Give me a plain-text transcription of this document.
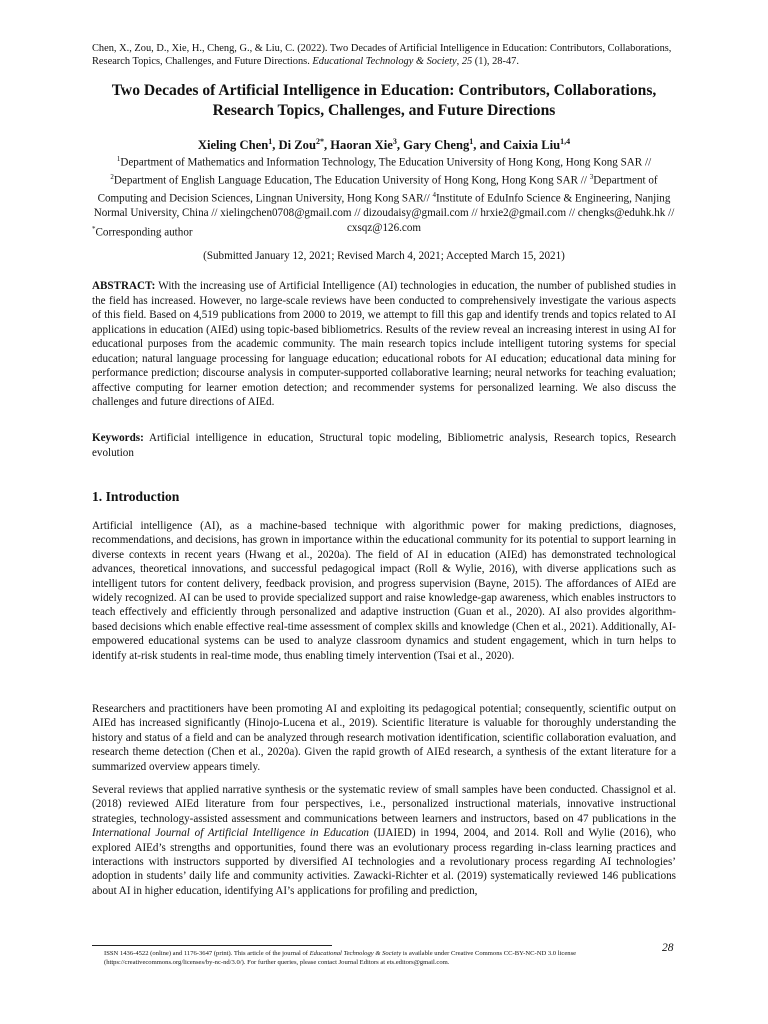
Chen, X., Zou, D., Xie, H., Cheng, G., & Liu, C. (2022). Two Decades of Artificial Intelligence in Education: Contributors, Collaborations, Research Topics, Challenges, and Future Directions. Educational Technology & Society, 25 (1), 28-47.
Two Decades of Artificial Intelligence in Education: Contributors, Collaborations, Research Topics, Challenges, and Future Directions
Xieling Chen$^1$, Di Zou$^{2*}$, Haoran Xie$^3$, Gary Cheng$^1$, and Caixia Liu$^{1,4}$
$^1$Department of Mathematics and Information Technology, The Education University of Hong Kong, Hong Kong SAR // $^2$Department of English Language Education, The Education University of Hong Kong, Hong Kong SAR // $^3$Department of Computing and Decision Sciences, Lingnan University, Hong Kong SAR// $^4$Institute of EduInfo Science & Engineering, Nanjing Normal University, China // xielingchen0708@gmail.com // dizoudaisy@gmail.com // hrxie2@gmail.com // chengks@eduhk.hk // cxsqz@126.com
*Corresponding author
(Submitted January 12, 2021; Revised March 4, 2021; Accepted March 15, 2021)
ABSTRACT: With the increasing use of Artificial Intelligence (AI) technologies in education, the number of published studies in the field has increased. However, no large-scale reviews have been conducted to comprehensively investigate the various aspects of this field. Based on 4,519 publications from 2000 to 2019, we attempt to fill this gap and identify trends and topics related to AI applications in education (AIEd) using topic-based bibliometrics. Results of the review reveal an increasing interest in using AI for educational purposes from the academic community. The main research topics include intelligent tutoring systems for special education; natural language processing for language education; educational robots for AI education; educational data mining for performance prediction; discourse analysis in computer-supported collaborative learning; neural networks for teaching evaluation; affective computing for learner emotion detection; and recommender systems for personalized learning. We also discuss the challenges and future directions of AIEd.
Keywords: Artificial intelligence in education, Structural topic modeling, Bibliometric analysis, Research topics, Research evolution
1. Introduction

Artificial intelligence (AI), as a machine-based technique with algorithmic power for making predictions, diagnoses, recommendations, and decisions, has grown in importance within the educational community for its potential to support learning in diverse contexts in recent years (Hwang et al., 2020a). The field of AI in education (AIEd) has demonstrated technological advances, theoretical innovations, and successful pedagogical impact (Roll & Wylie, 2016), with diverse applications such as intelligent tutors for content delivery, feedback provision, and progress supervision (Bayne, 2015). The affordances of AIEd are widely recognized. AI can be used to provide specialized support and raise knowledge-gap awareness, which enables instructors to teach effectively and efficiently through personalized and adaptive instruction (Guan et al., 2020). AI also provides algorithm-based decisions which enable effective real-time assessment of complex skills and knowledge (Chen et al., 2021). Additionally, AI-empowered educational systems can be used to analyze classroom dynamics and student engagement, which in turn helps to identify at-risk students in real-time mode, thus enabling timely intervention (Tsai et al., 2020).

Researchers and practitioners have been promoting AI and exploiting its pedagogical potential; consequently, scientific output on AIEd has increased significantly (Hinojo-Lucena et al., 2019). Scientific literature is valuable for thoroughly understanding the history and status of a field and can be analyzed through research motivation identification, scientific collaboration evaluation, and research theme detection (Chen et al., 2020a). Given the rapid growth of AIEd research, a synthesis of the extant literature for a summarized overview appears timely.

Several reviews that applied narrative synthesis or the systematic review of small samples have been conducted. Chassignol et al. (2018) reviewed AIEd literature from four perspectives, i.e., personalized instructional materials, innovative instructional strategies, technology-assisted assessment and communications between learners and instructors, based on 47 publications in the International Journal of Artificial Intelligence in Education (IJAIED) in 1994, 2004, and 2014. Roll and Wylie (2016), who explored AIEd’s strengths and opportunities, found there was an evolutionary process regarding in-class learning practices and interactions with instructors supported by diversified AI technologies and a revolutionary process regarding AI technologies’ adoption in students’ daily life and community activities. Zawacki-Richter et al. (2019) systematically reviewed 146 publications about AI in higher education, identifying AI’s applications for profiling and prediction,

ISSN 1436-4522 (online) and 1176-3647 (print). This article of the journal of Educational Technology & Society is available under Creative Commons CC-BY-NC-ND 3.0 license (https://creativecommons.org/licenses/by-nc-nd/3.0/). For further queries, please contact Journal Editors at ets.editors@gmail.com.
28
